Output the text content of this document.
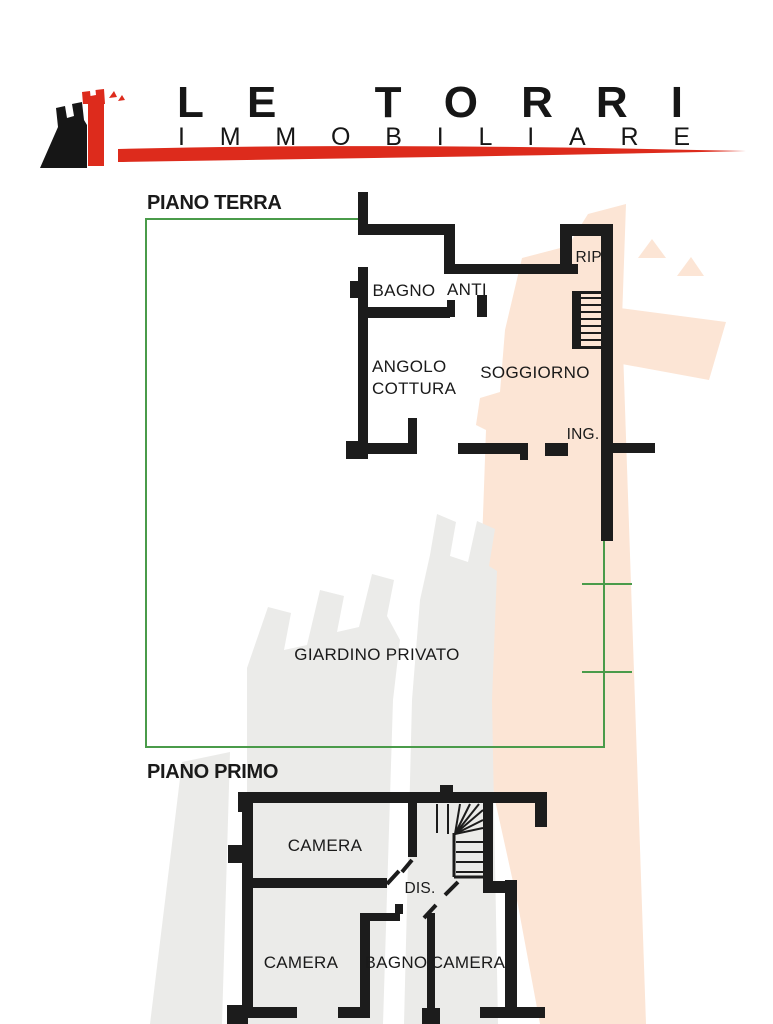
LE TORRI
IMMOBILIARE
PIANO TERRA
RIP.
BAGNO ANTI
ANGOLO
COTTURA
SOGGIORNO
ING.
GIARDINO PRIVATO
PIANO PRIMO
CAMERA
DIS.
CAMERA BAGNO CAMERA
